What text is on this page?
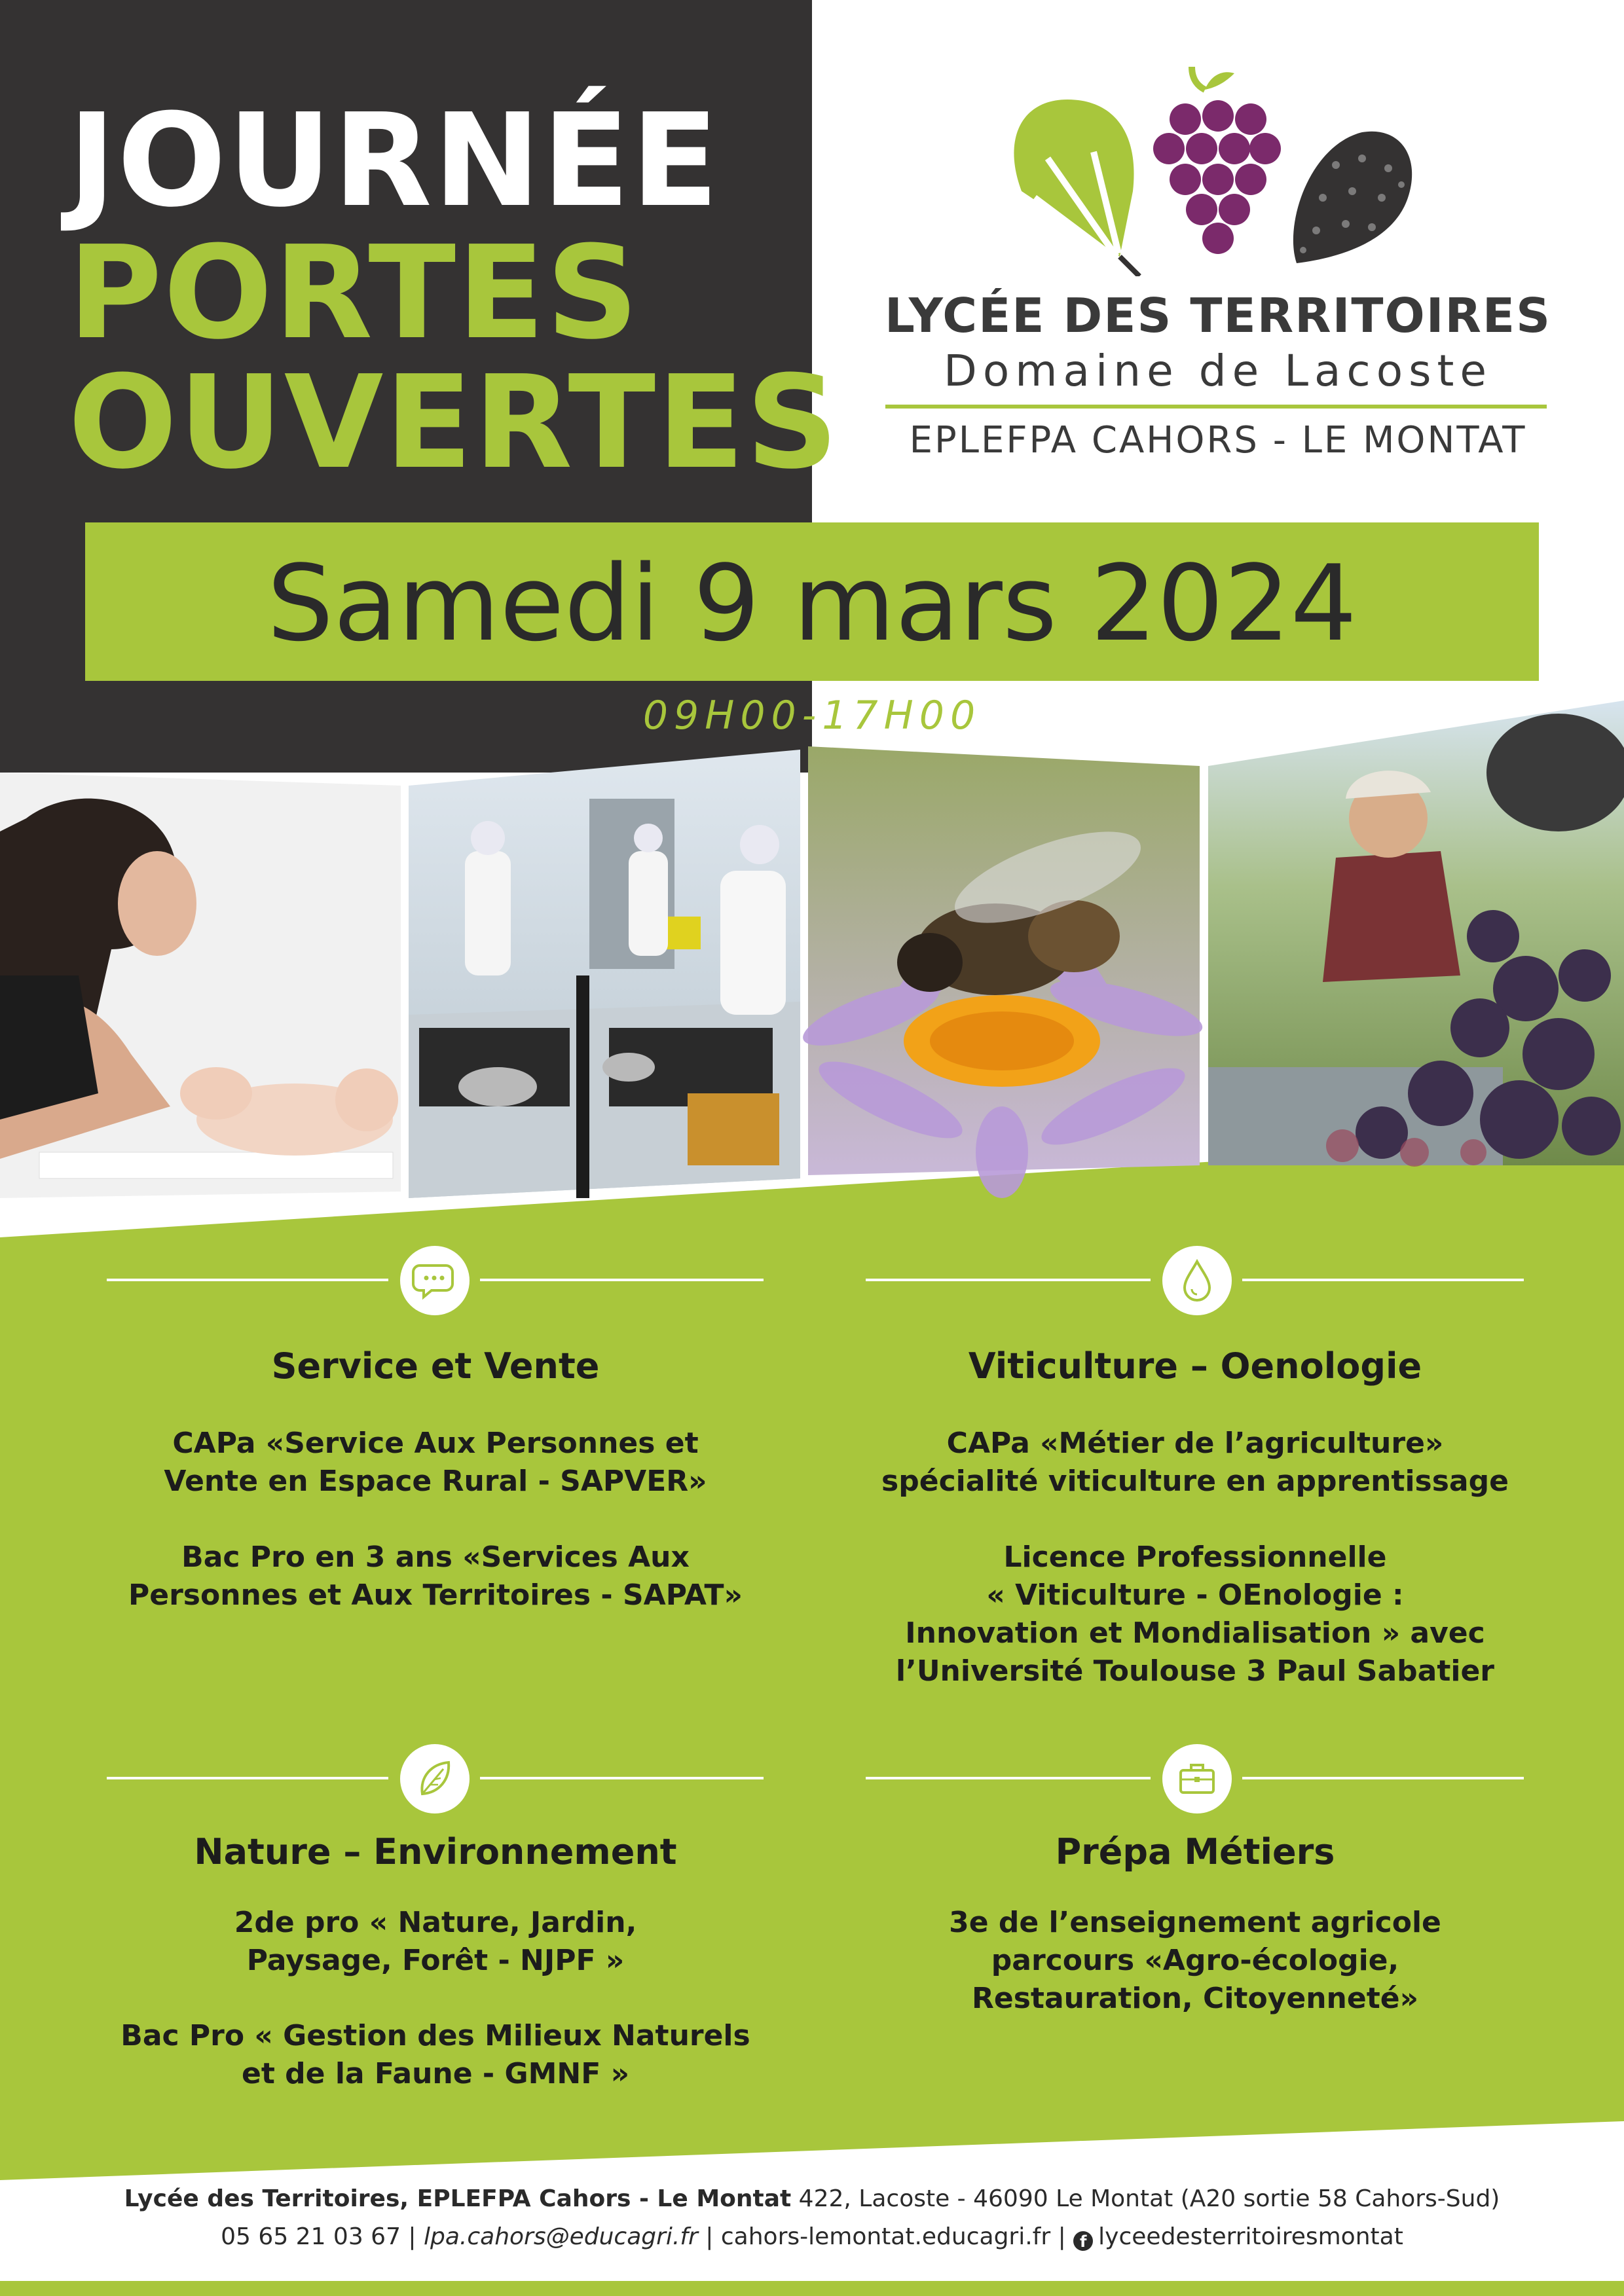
JOURNÉE
PORTES
OUVERTES
LYCÉE DES TERRITOIRES
Domaine de Lacoste
EPLEFPA CAHORS - LE MONTAT
Samedi 9 mars 2024
09H00-17H00
Service et Vente
CAPa «Service Aux Personnes et
Vente en Espace Rural - SAPVER»
Bac Pro en 3 ans «Services Aux
Personnes et Aux Territoires - SAPAT»
Viticulture – Oenologie
CAPa «Métier de l’agriculture»
spécialité viticulture en apprentissage
Licence Professionnelle
« Viticulture - OEnologie :
Innovation et Mondialisation » avec
l’Université Toulouse 3 Paul Sabatier
Nature – Environnement
2de pro « Nature, Jardin,
Paysage, Forêt - NJPF »
Bac Pro « Gestion des Milieux Naturels
et de la Faune - GMNF »
Prépa Métiers
3e de l’enseignement agricole
parcours «Agro-écologie,
Restauration, Citoyenneté»
Lycée des Territoires, EPLEFPA Cahors - Le Montat 422, Lacoste - 46090 Le Montat (A20 sortie 58 Cahors-Sud)
05 65 21 03 67 | lpa.cahors@educagri.fr | cahors-lemontat.educagri.fr | f lyceedesterritoiresmontat
